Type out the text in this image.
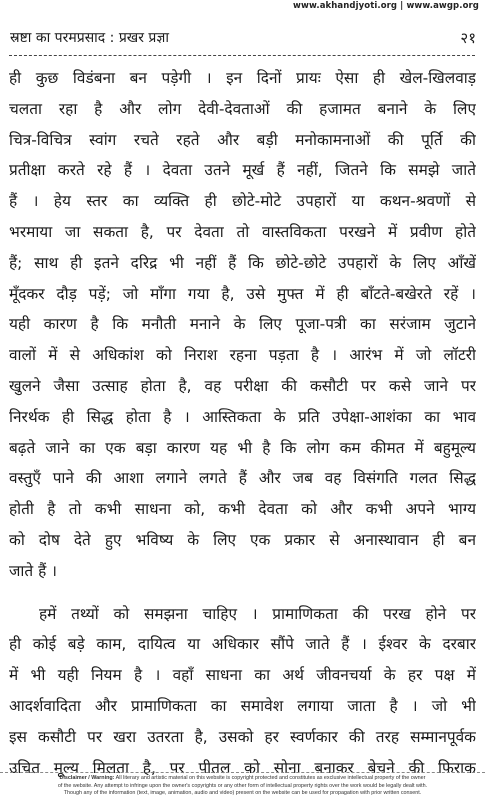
www.akhandjyoti.org | www.awgp.org
स्रष्टा का परमप्रसाद : प्रखर प्रज्ञा	२१
ही कुछ विडंबना बन पड़ेगी । इन दिनों प्रायः ऐसा ही खेल-खिलवाड़
चलता रहा है और लोग देवी-देवताओं की हजामत बनाने के लिए
चित्र-विचित्र स्वांग रचते रहते और बड़ी मनोकामनाओं की पूर्ति की
प्रतीक्षा करते रहे हैं । देवता उतने मूर्ख हैं नहीं, जितने कि समझे जाते
हैं । हेय स्तर का व्यक्ति ही छोटे-मोटे उपहारों या कथन-श्रवणों से
भरमाया जा सकता है, पर देवता तो वास्तविकता परखने में प्रवीण होते
हैं; साथ ही इतने दरिद्र भी नहीं हैं कि छोटे-छोटे उपहारों के लिए आँखें
मूँदकर दौड़ पड़ें; जो माँगा गया है, उसे मुफ्त में ही बाँटते-बखेरते रहें ।
यही कारण है कि मनौती मनाने के लिए पूजा-पत्री का सरंजाम जुटाने
वालों में से अधिकांश को निराश रहना पड़ता है । आरंभ में जो लॉटरी
खुलने जैसा उत्साह होता है, वह परीक्षा की कसौटी पर कसे जाने पर
निरर्थक ही सिद्ध होता है । आस्तिकता के प्रति उपेक्षा-आशंका का भाव
बढ़ते जाने का एक बड़ा कारण यह भी है कि लोग कम कीमत में बहुमूल्य
वस्तुएँ पाने की आशा लगाने लगते हैं और जब वह विसंगति गलत सिद्ध
होती है तो कभी साधना को, कभी देवता को और कभी अपने भाग्य
को दोष देते हुए भविष्य के लिए एक प्रकार से अनास्थावान ही बन
जाते हैं ।
हमें तथ्यों को समझना चाहिए । प्रामाणिकता की परख होने पर
ही कोई बड़े काम, दायित्व या अधिकार सौंपे जाते हैं । ईश्वर के दरबार
में भी यही नियम है । वहाँ साधना का अर्थ जीवनचर्या के हर पक्ष में
आदर्शवादिता और प्रामाणिकता का समावेश लगाया जाता है । जो भी
इस कसौटी पर खरा उतरता है, उसको हर स्वर्णकार की तरह सम्मानपूर्वक
उचित मूल्य मिलता है, पर पीतल को सोना बनाकर बेचने की फिराक
Disclaimer / Warning: All literary and artistic material on this website is copyright protected and constitutes as exclusive intellectual property of the owner
of the website. Any attempt to infringe upon the owner's copyrights or any other form of intellectual property rights over the work would be legally dealt with.
Though any of the information (text, image, animation, audio and video) present on the website can be used for propagation with prior written consent.
